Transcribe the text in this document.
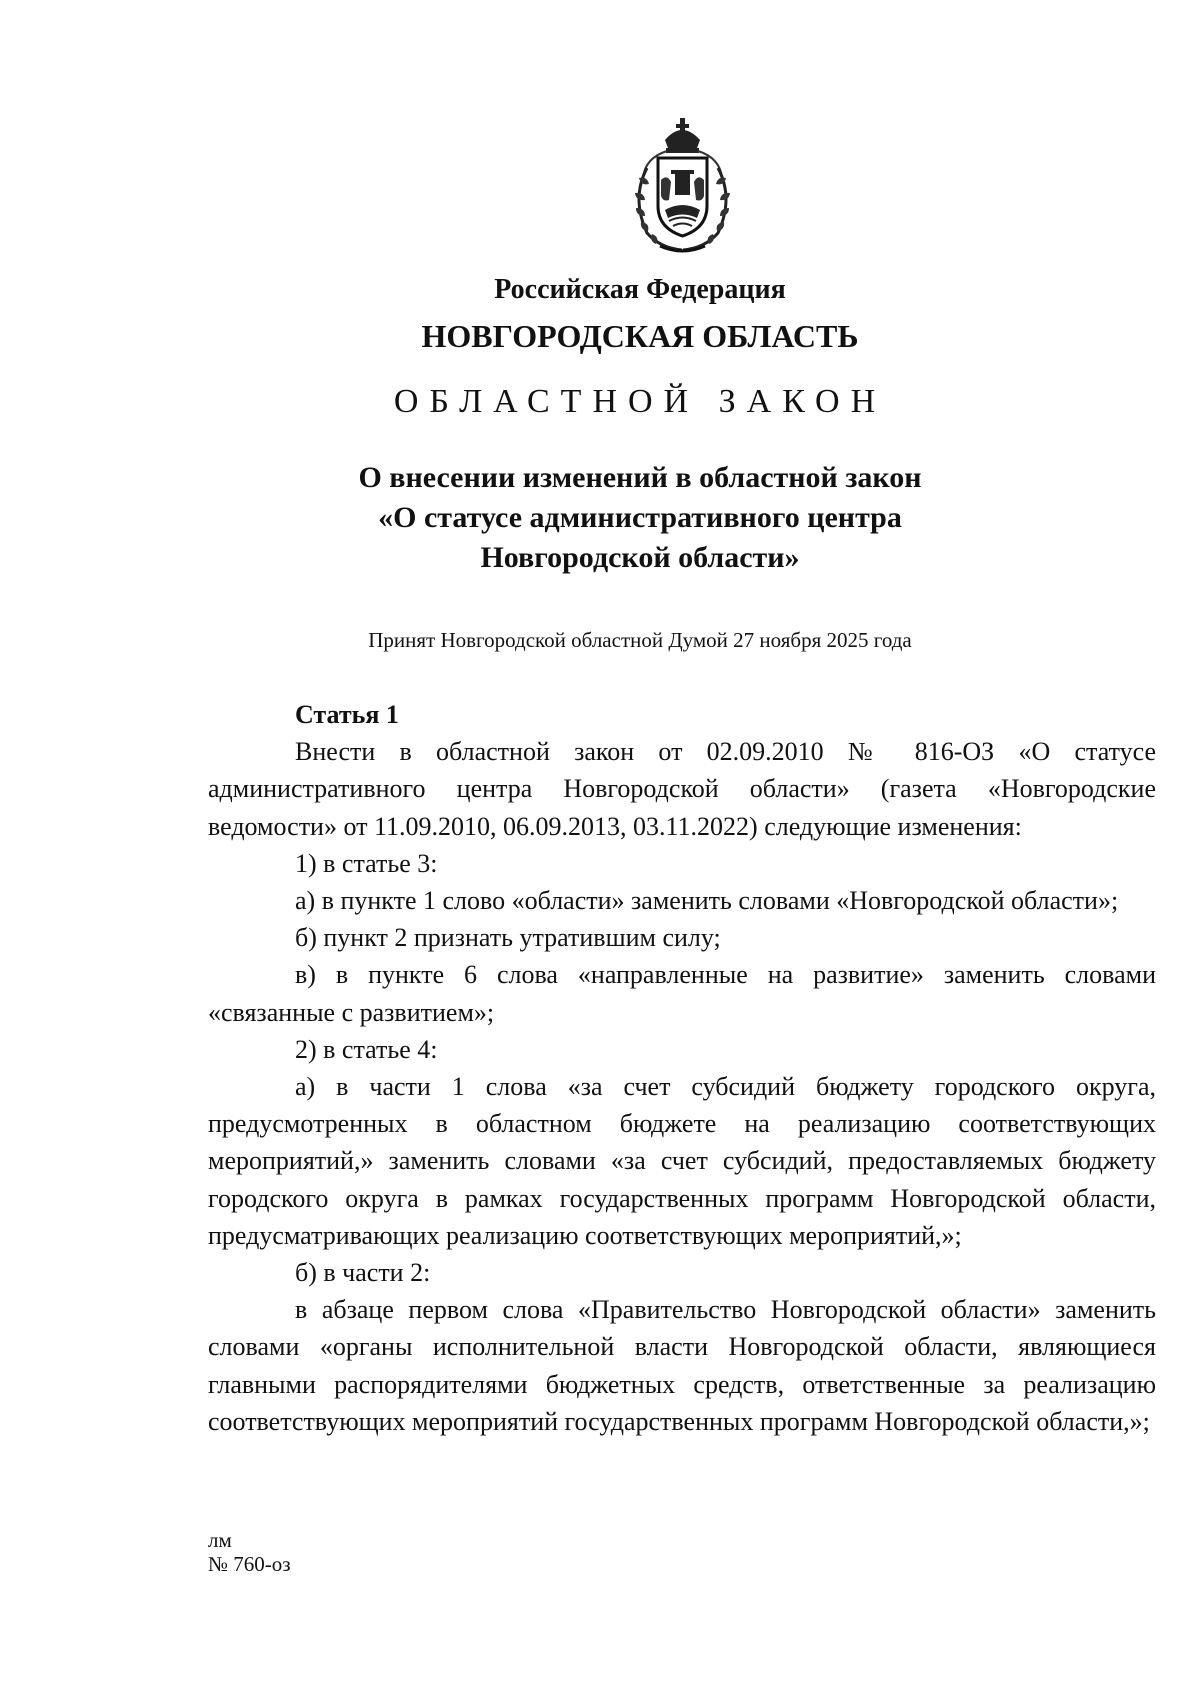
Российская Федерация
НОВГОРОДСКАЯ ОБЛАСТЬ
ОБЛАСТНОЙ ЗАКОН
О внесении изменений в областной закон
«О статусе административного центра
Новгородской области»
Принят Новгородской областной Думой 27 ноября 2025 года

Статья 1

Внести в областной закон от 02.09.2010 № 816-ОЗ «О статусе административного центра Новгородской области» (газета «Новгородские ведомости» от 11.09.2010, 06.09.2013, 03.11.2022) следующие изменения:

1) в статье 3:

а) в пункте 1 слово «области» заменить словами «Новгородской области»;

б) пункт 2 признать утратившим силу;

в) в пункте 6 слова «направленные на развитие» заменить словами «связанные с развитием»;

2) в статье 4:

а) в части 1 слова «за счет субсидий бюджету городского округа, предусмотренных в областном бюджете на реализацию соответствующих мероприятий,» заменить словами «за счет субсидий, предоставляемых бюджету городского округа в рамках государственных программ Новгородской области, предусматривающих реализацию соответствующих мероприятий,»;

б) в части 2:

в абзаце первом слова «Правительство Новгородской области» заменить словами «органы исполнительной власти Новгородской области, являющиеся главными распорядителями бюджетных средств, ответственные за реализацию соответствующих мероприятий государственных программ Новгородской области,»;

лм
№ 760-оз
